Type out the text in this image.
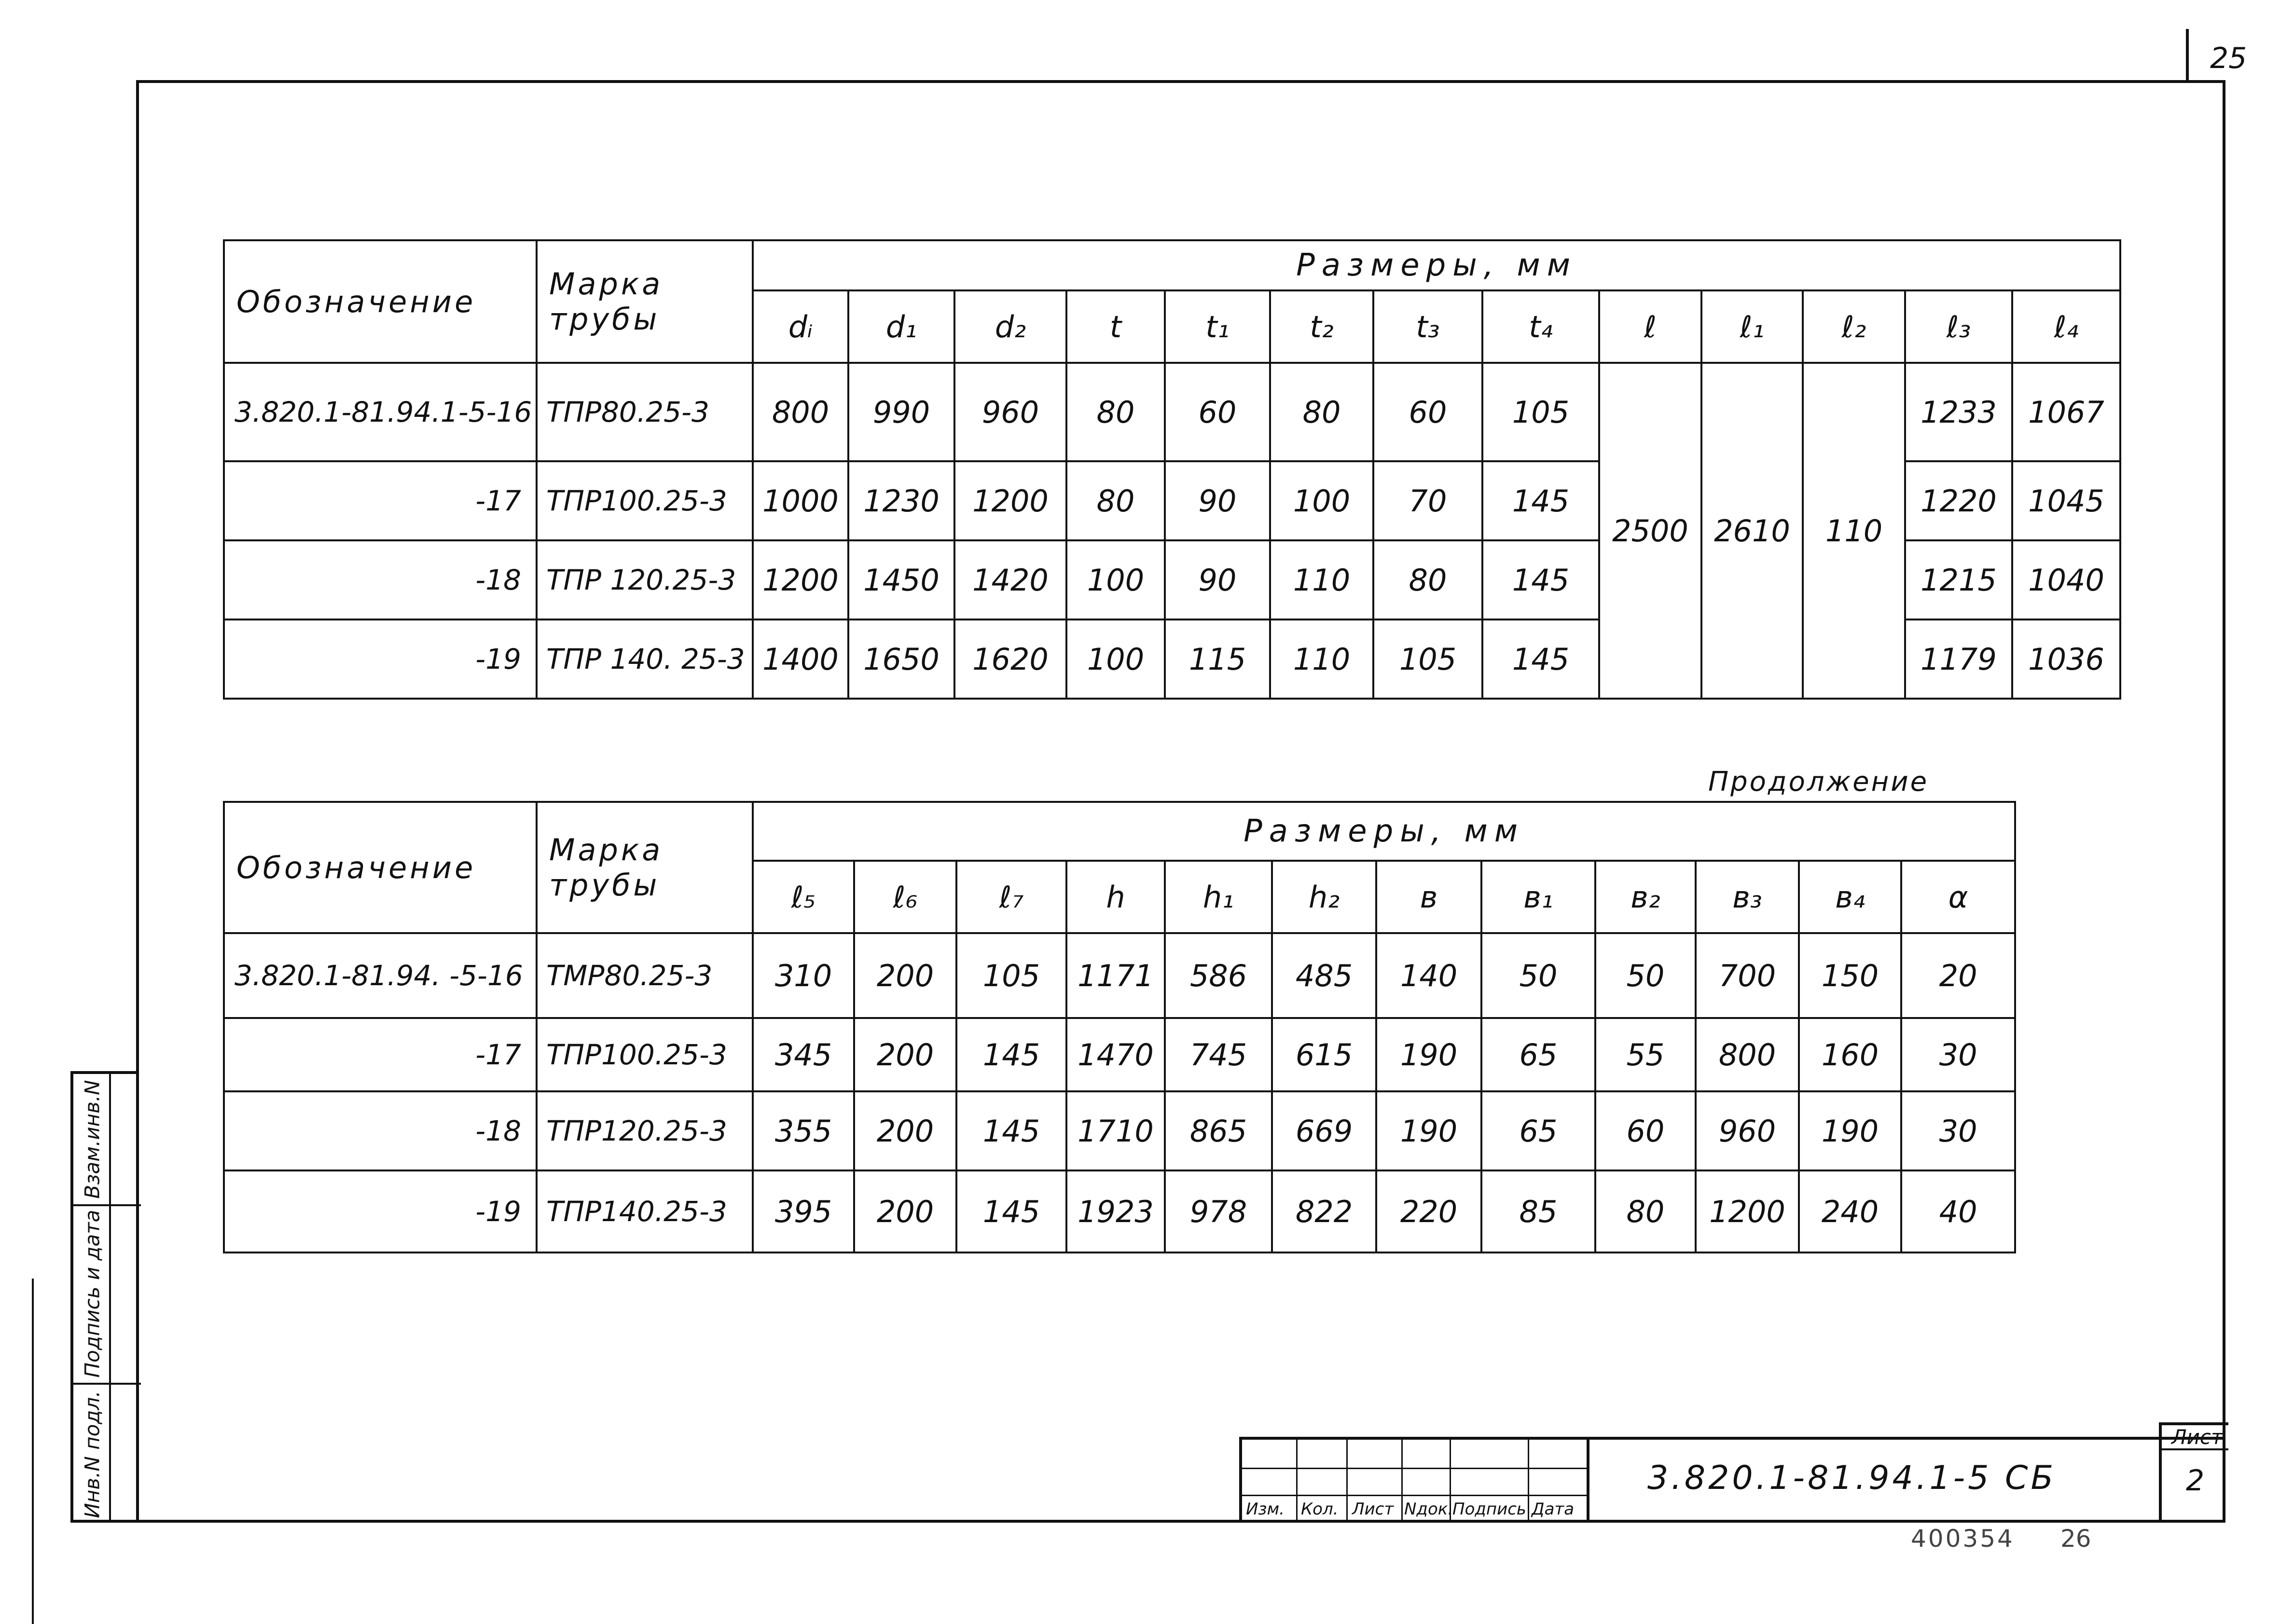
25
Взам.инв.N
Подпись и дата
Инв.N подл.
Обозначение	Марка трубы	Размеры, мм												
		dᵢ	d₁	d₂	t	t₁	t₂	t₃	t₄	ℓ	ℓ₁	ℓ₂	ℓ₃	ℓ₄
3.820.1-81.94.1-5-16	ТПР80.25-3	800	990	960	80	60	80	60	105	2500	2610	110	1233	1067
-17	ТПР100.25-3	1000	1230	1200	80	90	100	70	145				1220	1045
-18	ТПР 120.25-3	1200	1450	1420	100	90	110	80	145				1215	1040
-19	ТПР 140. 25-3	1400	1650	1620	100	115	110	105	145				1179	1036
Продолжение
Обозначение	Марка трубы	Размеры, мм											
		ℓ₅	ℓ₆	ℓ₇	h	h₁	h₂	в	в₁	в₂	в₃	в₄	α
3.820.1-81.94. -5-16	ТМР80.25-3	310	200	105	1171	586	485	140	50	50	700	150	20
-17	ТПР100.25-3	345	200	145	1470	745	615	190	65	55	800	160	30
-18	ТПР120.25-3	355	200	145	1710	865	669	190	65	60	960	190	30
-19	ТПР140.25-3	395	200	145	1923	978	822	220	85	80	1200	240	40
Изм. Кол. Лист Nдок.
Подпись Дата
3.820.1-81.94.1-5 СБ
Лист
2
400354 26
